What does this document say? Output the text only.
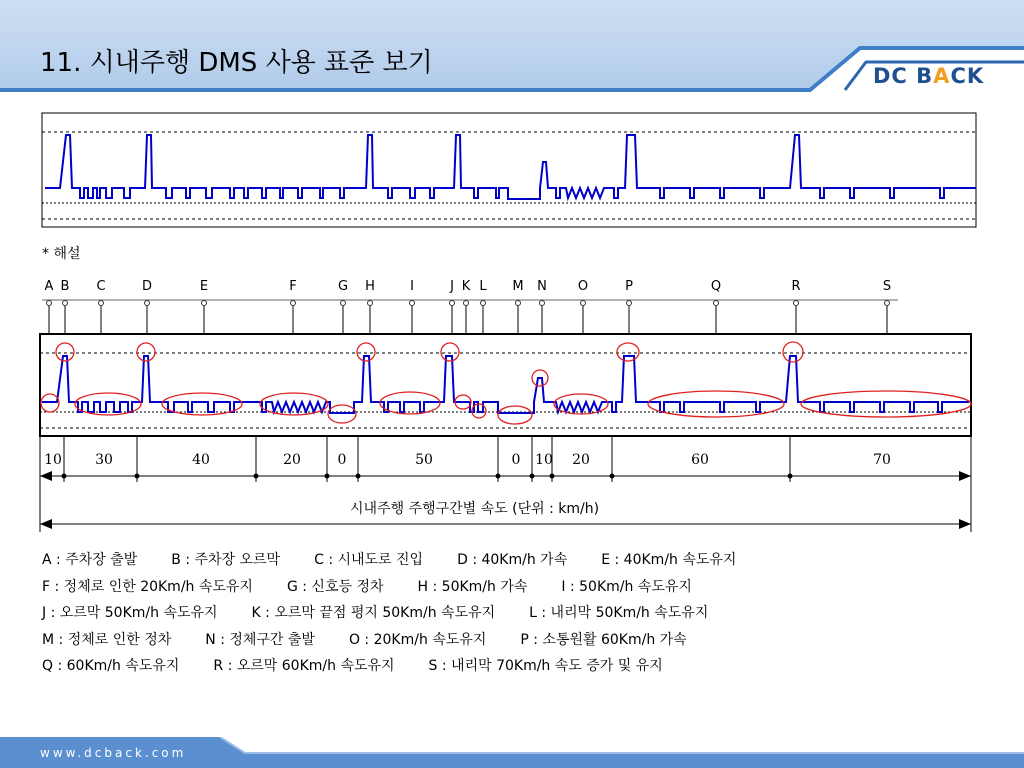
11. 시내주행 DMS 사용 표준 보기	DC BACK
A B C	D	E	F	G H	I	J K L M N O	P	Q	R	S
10 30	40	20	0	50	0 10 20	60	70
* 해설
시내주행 주행구간별 속도 (단위 : km/h)
A : 주차장 출발 B : 주차장 오르막 C : 시내도로 진입 D : 40Km/h 가속 E : 40Km/h 속도유지
F : 정체로 인한 20Km/h 속도유지 G : 신호등 정차 H : 50Km/h 가속 I : 50Km/h 속도유지
J : 오르막 50Km/h 속도유지 K : 오르막 끝점 평지 50Km/h 속도유지 L : 내리막 50Km/h 속도유지
M : 정체로 인한 정차 N : 정체구간 출발 O : 20Km/h 속도유지 P : 소통원활 60Km/h 가속
Q : 60Km/h 속도유지 R : 오르막 60Km/h 속도유지 S : 내리막 70Km/h 속도 증가 및 유지
www.dcback.com
